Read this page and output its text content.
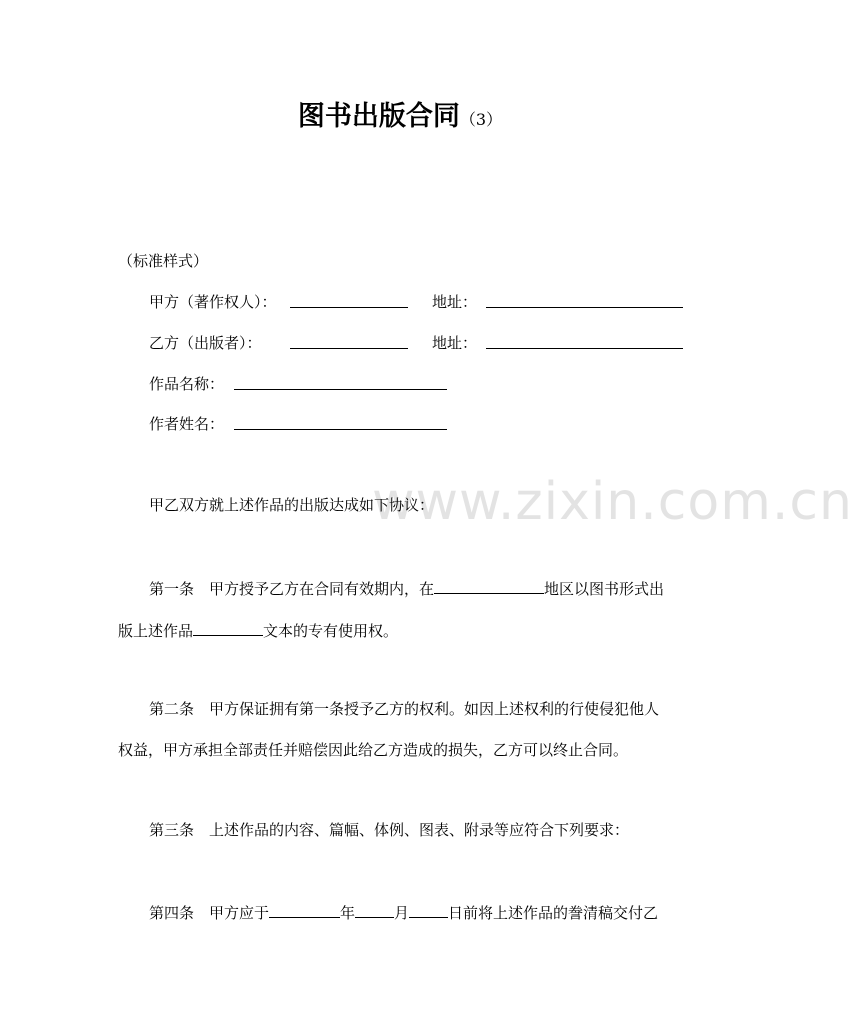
图书出版合同（3）
（标准样式）
甲方（著作权人）：	地址：
乙方（出版者）：	地址：
作品名称：
作者姓名：
www.zixin.com.cn
甲乙双方就上述作品的出版达成如下协议：
第一条　甲方授予乙方在合同有效期内，在	地区以图书形式出
版上述作品	文本的专有使用权。
第二条　甲方保证拥有第一条授予乙方的权利。如因上述权利的行使侵犯他人
权益，甲方承担全部责任并赔偿因此给乙方造成的损失，乙方可以终止合同。
第三条　上述作品的内容、篇幅、体例、图表、附录等应符合下列要求：
第四条　甲方应于	年	月	日前将上述作品的誊清稿交付乙
